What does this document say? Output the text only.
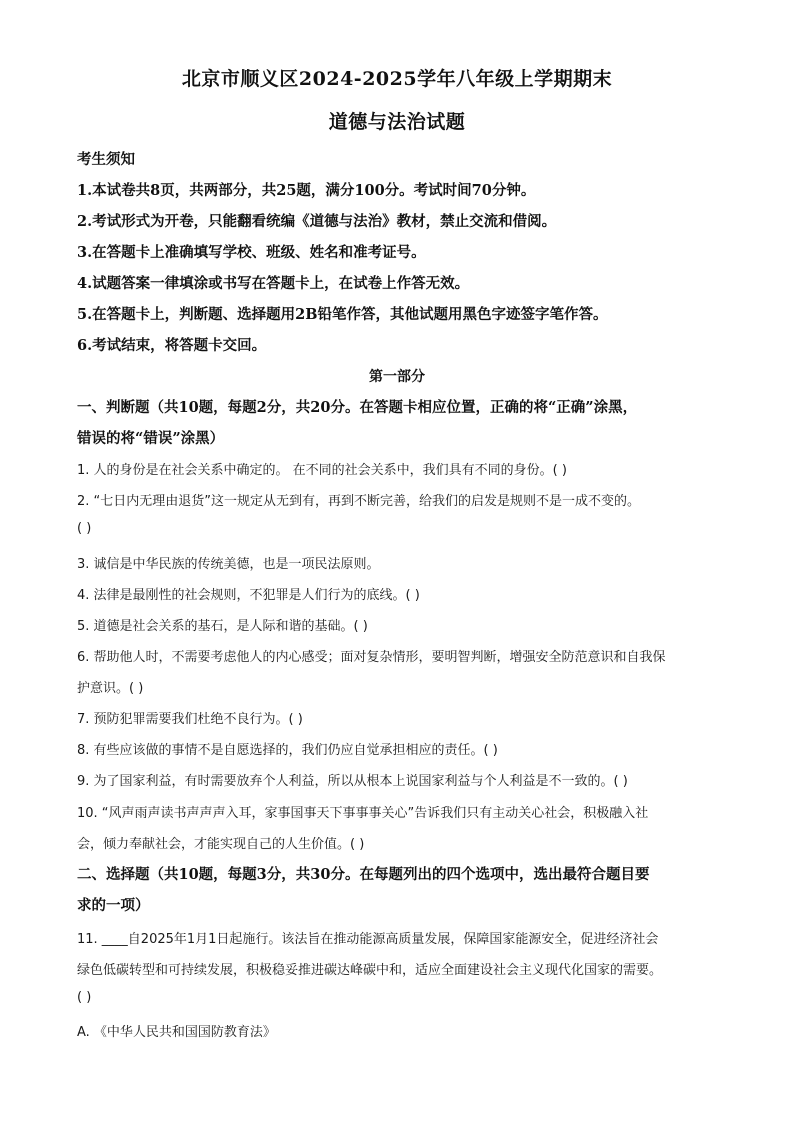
北京市顺义区2024-2025学年八年级上学期期末
道德与法治试题
考生须知
1.本试卷共8页，共两部分，共25题，满分100分。考试时间70分钟。
2.考试形式为开卷，只能翻看统编《道德与法治》教材，禁止交流和借阅。
3.在答题卡上准确填写学校、班级、姓名和准考证号。
4.试题答案一律填涂或书写在答题卡上，在试卷上作答无效。
5.在答题卡上，判断题、选择题用2B铅笔作答，其他试题用黑色字迹签字笔作答。
6.考试结束，将答题卡交回。
第一部分
一、判断题（共10题，每题2分，共20分。在答题卡相应位置，正确的将“正确”涂黑，
错误的将“错误”涂黑）
1. 人的身份是在社会关系中确定的。 在不同的社会关系中，我们具有不同的身份。( )
2. “七日内无理由退货”这一规定从无到有，再到不断完善，给我们的启发是规则不是一成不变的。
( )
3. 诚信是中华民族的传统美德，也是一项民法原则。
4. 法律是最刚性的社会规则，不犯罪是人们行为的底线。( )
5. 道德是社会关系的基石，是人际和谐的基础。( )
6. 帮助他人时，不需要考虑他人的内心感受；面对复杂情形，要明智判断，增强安全防范意识和自我保
护意识。( )
7. 预防犯罪需要我们杜绝不良行为。( )
8. 有些应该做的事情不是自愿选择的，我们仍应自觉承担相应的责任。( )
9. 为了国家利益，有时需要放弃个人利益，所以从根本上说国家利益与个人利益是不一致的。( )
10. “风声雨声读书声声声入耳，家事国事天下事事事关心”告诉我们只有主动关心社会，积极融入社
会，倾力奉献社会，才能实现自己的人生价值。( )
二、选择题（共10题，每题3分，共30分。在每题列出的四个选项中，选出最符合题目要
求的一项）
11. ____自2025年1月1日起施行。该法旨在推动能源高质量发展，保障国家能源安全，促进经济社会
绿色低碳转型和可持续发展，积极稳妥推进碳达峰碳中和，适应全面建设社会主义现代化国家的需要。
( )
A. 《中华人民共和国国防教育法》
